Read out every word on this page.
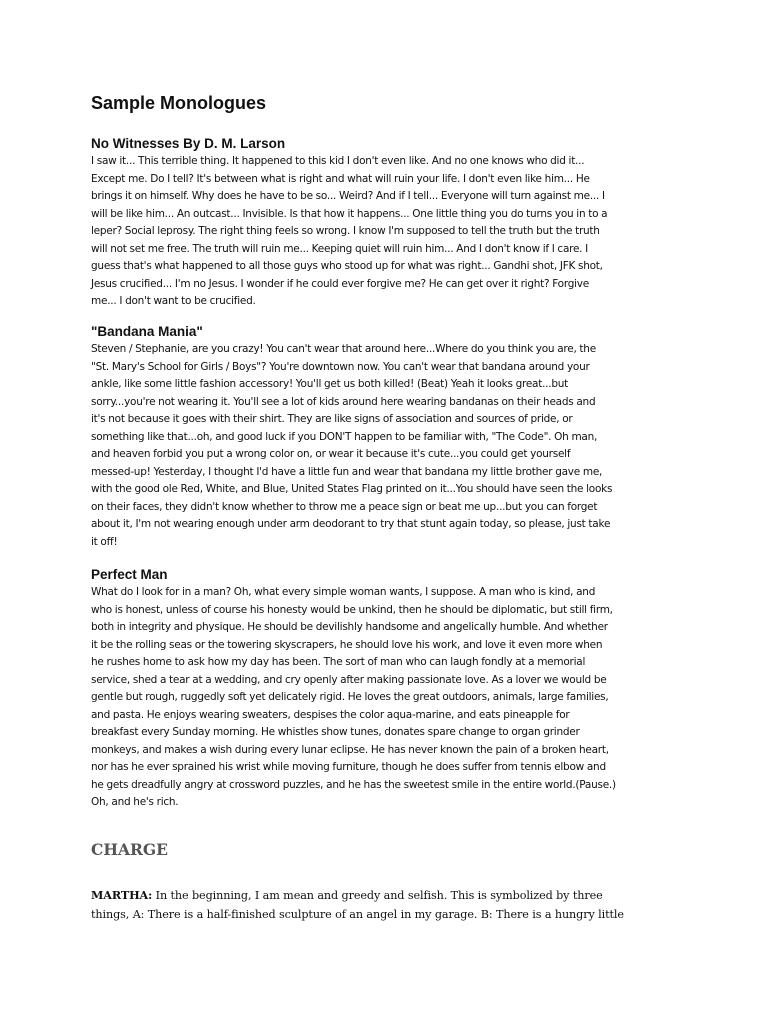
Sample Monologues
No Witnesses By D. M. Larson

I saw it... This terrible thing. It happened to this kid I don't even like. And no one knows who did it...
Except me. Do I tell? It's between what is right and what will ruin your life. I don't even like him... He
brings it on himself. Why does he have to be so... Weird? And if I tell... Everyone will turn against me... I
will be like him... An outcast... Invisible. Is that how it happens... One little thing you do turns you in to a
leper? Social leprosy. The right thing feels so wrong. I know I'm supposed to tell the truth but the truth
will not set me free. The truth will ruin me... Keeping quiet will ruin him... And I don't know if I care. I
guess that's what happened to all those guys who stood up for what was right... Gandhi shot, JFK shot,
Jesus crucified... I'm no Jesus. I wonder if he could ever forgive me? He can get over it right? Forgive
me... I don't want to be crucified.

"Bandana Mania"

Steven / Stephanie, are you crazy! You can't wear that around here...Where do you think you are, the
"St. Mary's School for Girls / Boys"? You're downtown now. You can't wear that bandana around your
ankle, like some little fashion accessory! You'll get us both killed! (Beat) Yeah it looks great...but
sorry...you're not wearing it. You'll see a lot of kids around here wearing bandanas on their heads and
it's not because it goes with their shirt. They are like signs of association and sources of pride, or
something like that...oh, and good luck if you DON'T happen to be familiar with, "The Code". Oh man,
and heaven forbid you put a wrong color on, or wear it because it's cute...you could get yourself
messed-up! Yesterday, I thought I'd have a little fun and wear that bandana my little brother gave me,
with the good ole Red, White, and Blue, United States Flag printed on it...You should have seen the looks
on their faces, they didn't know whether to throw me a peace sign or beat me up...but you can forget
about it, I'm not wearing enough under arm deodorant to try that stunt again today, so please, just take
it off!

Perfect Man

What do I look for in a man? Oh, what every simple woman wants, I suppose. A man who is kind, and
who is honest, unless of course his honesty would be unkind, then he should be diplomatic, but still firm,
both in integrity and physique. He should be devilishly handsome and angelically humble. And whether
it be the rolling seas or the towering skyscrapers, he should love his work, and love it even more when
he rushes home to ask how my day has been. The sort of man who can laugh fondly at a memorial
service, shed a tear at a wedding, and cry openly after making passionate love. As a lover we would be
gentle but rough, ruggedly soft yet delicately rigid. He loves the great outdoors, animals, large families,
and pasta. He enjoys wearing sweaters, despises the color aqua-marine, and eats pineapple for
breakfast every Sunday morning. He whistles show tunes, donates spare change to organ grinder
monkeys, and makes a wish during every lunar eclipse. He has never known the pain of a broken heart,
nor has he ever sprained his wrist while moving furniture, though he does suffer from tennis elbow and
he gets dreadfully angry at crossword puzzles, and he has the sweetest smile in the entire world.(Pause.)
Oh, and he's rich.

CHARGE
MARTHA: In the beginning, I am mean and greedy and selfish. This is symbolized by three
things, A: There is a half-finished sculpture of an angel in my garage. B: There is a hungry little
